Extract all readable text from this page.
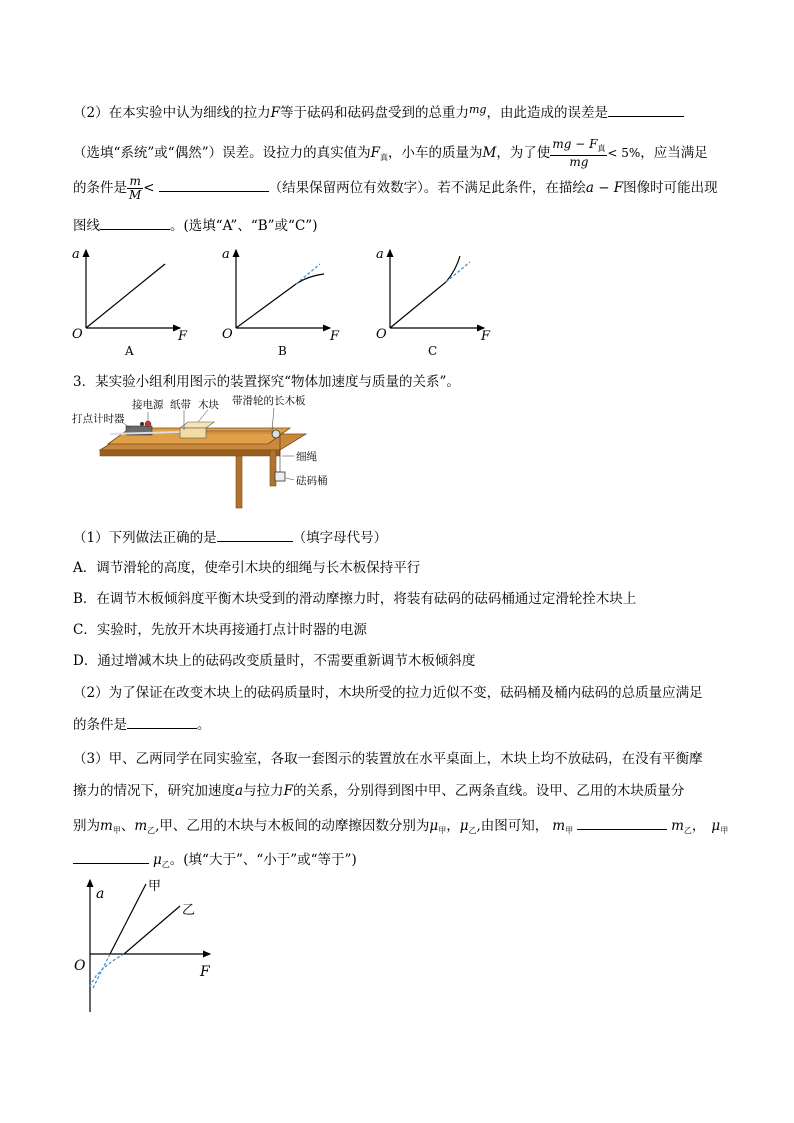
（2）在本实验中认为细线的拉力F等于砝码和砝码盘受到的总重力$^{mg}$，由此造成的误差是
（选填“系统”或“偶然”）误差。设拉力的真实值为$F_真$，小车的质量为M，为了使 $\frac{mg - F_真}{mg} < 5\%$，应当满足
的条件是 $\frac{m}{M}$ <	（结果保留两位有效数字）。若不满足此条件，在描绘a − F图像时可能出现
图线	。(选填“A”、“B”或“C”)
a
O	F
A
a
O	F
B
a
O	F
C
3．某实验小组利用图示的装置探究“物体加速度与质量的关系”。
接电源 纸带 木块 带滑轮的长木板
打点计时器
细绳
砝码桶
（1）下列做法正确的是	（填字母代号）
A．调节滑轮的高度，使牵引木块的细绳与长木板保持平行
B．在调节木板倾斜度平衡木块受到的滑动摩擦力时，将装有砝码的砝码桶通过定滑轮拴木块上
C．实验时，先放开木块再接通打点计时器的电源
D．通过增减木块上的砝码改变质量时，不需要重新调节木板倾斜度
（2）为了保证在改变木块上的砝码质量时，木块所受的拉力近似不变，砝码桶及桶内砝码的总质量应满足
的条件是	。
（3）甲、乙两同学在同实验室，各取一套图示的装置放在水平桌面上，木块上均不放砝码，在没有平衡摩
擦力的情况下，研究加速度a与拉力F的关系，分别得到图中甲、乙两条直线。设甲、乙用的木块质量分
别为$m_甲$、$m_乙$,甲、乙用的木块与木板间的动摩擦因数分别为$\mu_甲$，$\mu_乙$,由图可知， $m_甲$	$m_乙$， $\mu_甲$
$\mu_乙$。(填“大于”、“小于”或“等于”)
a
O	F
甲
乙
